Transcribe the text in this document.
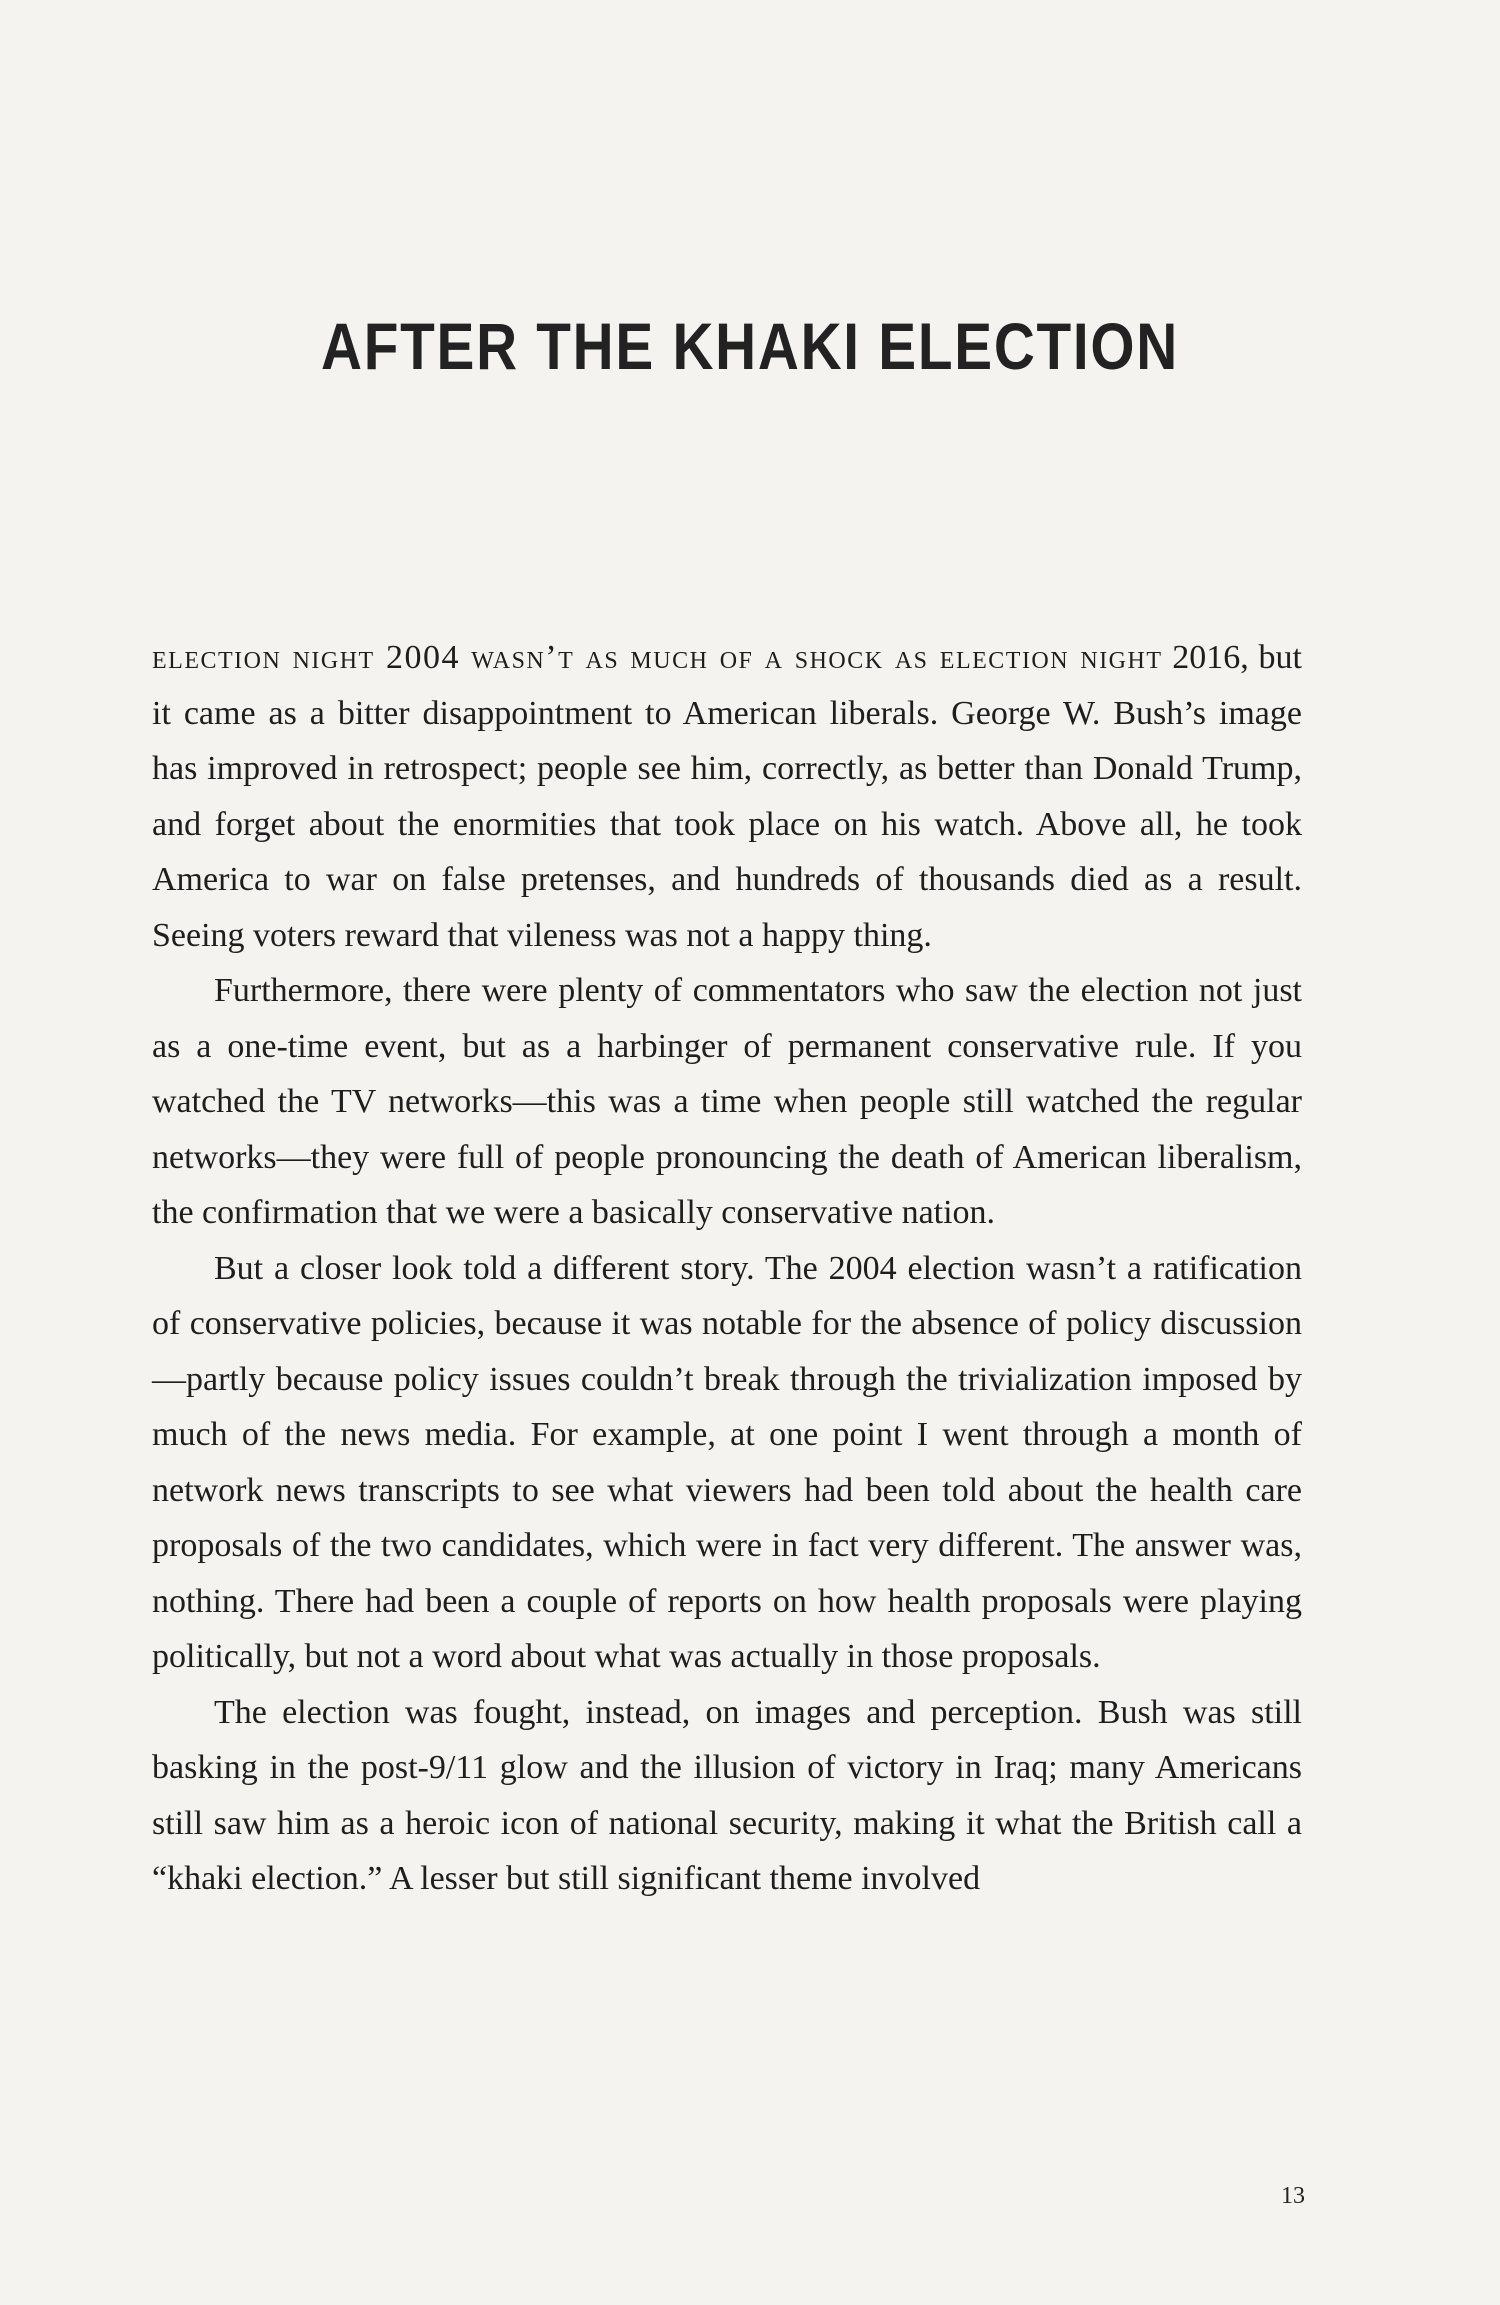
AFTER THE KHAKI ELECTION

election night 2004 wasn’t as much of a shock as election night 2016, but it came as a bitter disappointment to American liberals. George W. Bush’s image has improved in retrospect; people see him, correctly, as better than Donald Trump, and forget about the enormities that took place on his watch. Above all, he took America to war on false pretenses, and hundreds of thousands died as a result. Seeing voters reward that vileness was not a happy thing.

Furthermore, there were plenty of commentators who saw the election not just as a one-time event, but as a harbinger of permanent conservative rule. If you watched the TV networks—this was a time when people still watched the regular networks—they were full of people pronouncing the death of American liberalism, the confirmation that we were a basically conservative nation.

But a closer look told a different story. The 2004 election wasn’t a ratification of conservative policies, because it was notable for the absence of policy discussion—partly because policy issues couldn’t break through the trivialization imposed by much of the news media. For example, at one point I went through a month of network news transcripts to see what viewers had been told about the health care proposals of the two candidates, which were in fact very different. The answer was, nothing. There had been a couple of reports on how health proposals were playing politically, but not a word about what was actually in those proposals.

The election was fought, instead, on images and perception. Bush was still basking in the post-9/11 glow and the illusion of victory in Iraq; many Americans still saw him as a heroic icon of national security, making it what the British call a “khaki election.” A lesser but still significant theme involved

13
